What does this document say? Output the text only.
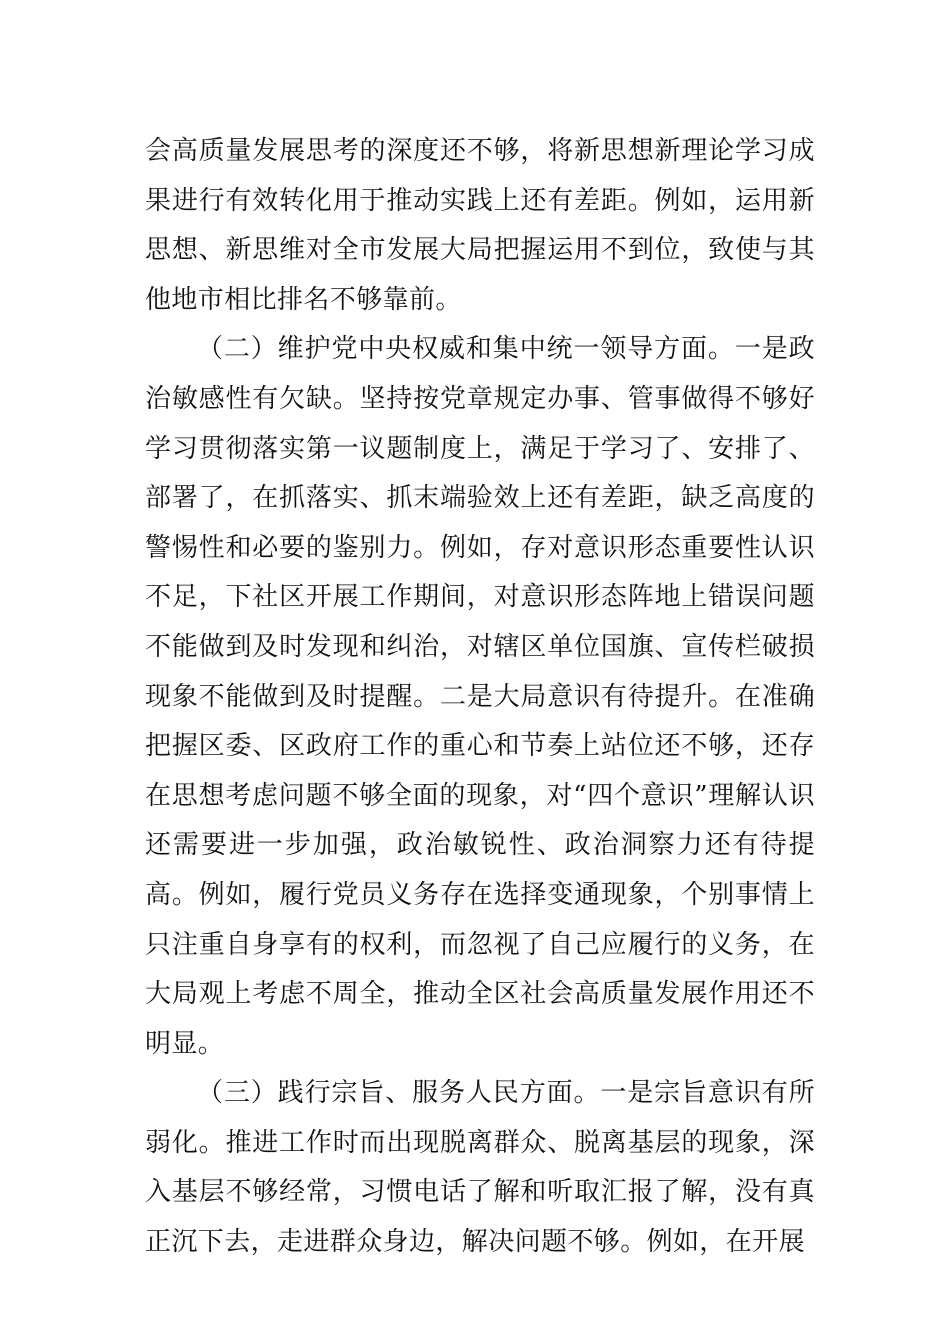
会高质量发展思考的深度还不够，将新思想新理论学习成果进行有效转化用于推动实践上还有差距。例如，运用新思想、新思维对全市发展大局把握运用不到位，致使与其他地市相比排名不够靠前。

（二）维护党中央权威和集中统一领导方面。一是政治敏感性有欠缺。坚持按党章规定办事、管事做得不够好学习贯彻落实第一议题制度上，满足于学习了、安排了、部署了，在抓落实、抓末端验效上还有差距，缺乏高度的警惕性和必要的鉴别力。例如，存对意识形态重要性认识不足，下社区开展工作期间，对意识形态阵地上错误问题不能做到及时发现和纠治，对辖区单位国旗、宣传栏破损现象不能做到及时提醒。二是大局意识有待提升。在准确把握区委、区政府工作的重心和节奏上站位还不够，还存在思想考虑问题不够全面的现象，对“四个意识”理解认识还需要进一步加强，政治敏锐性、政治洞察力还有待提高。例如，履行党员义务存在选择变通现象，个别事情上只注重自身享有的权利，而忽视了自己应履行的义务，在大局观上考虑不周全，推动全区社会高质量发展作用还不明显。

（三）践行宗旨、服务人民方面。一是宗旨意识有所弱化。推进工作时而出现脱离群众、脱离基层的现象，深入基层不够经常，习惯电话了解和听取汇报了解，没有真正沉下去，走进群众身边，解决问题不够。例如，在开展
